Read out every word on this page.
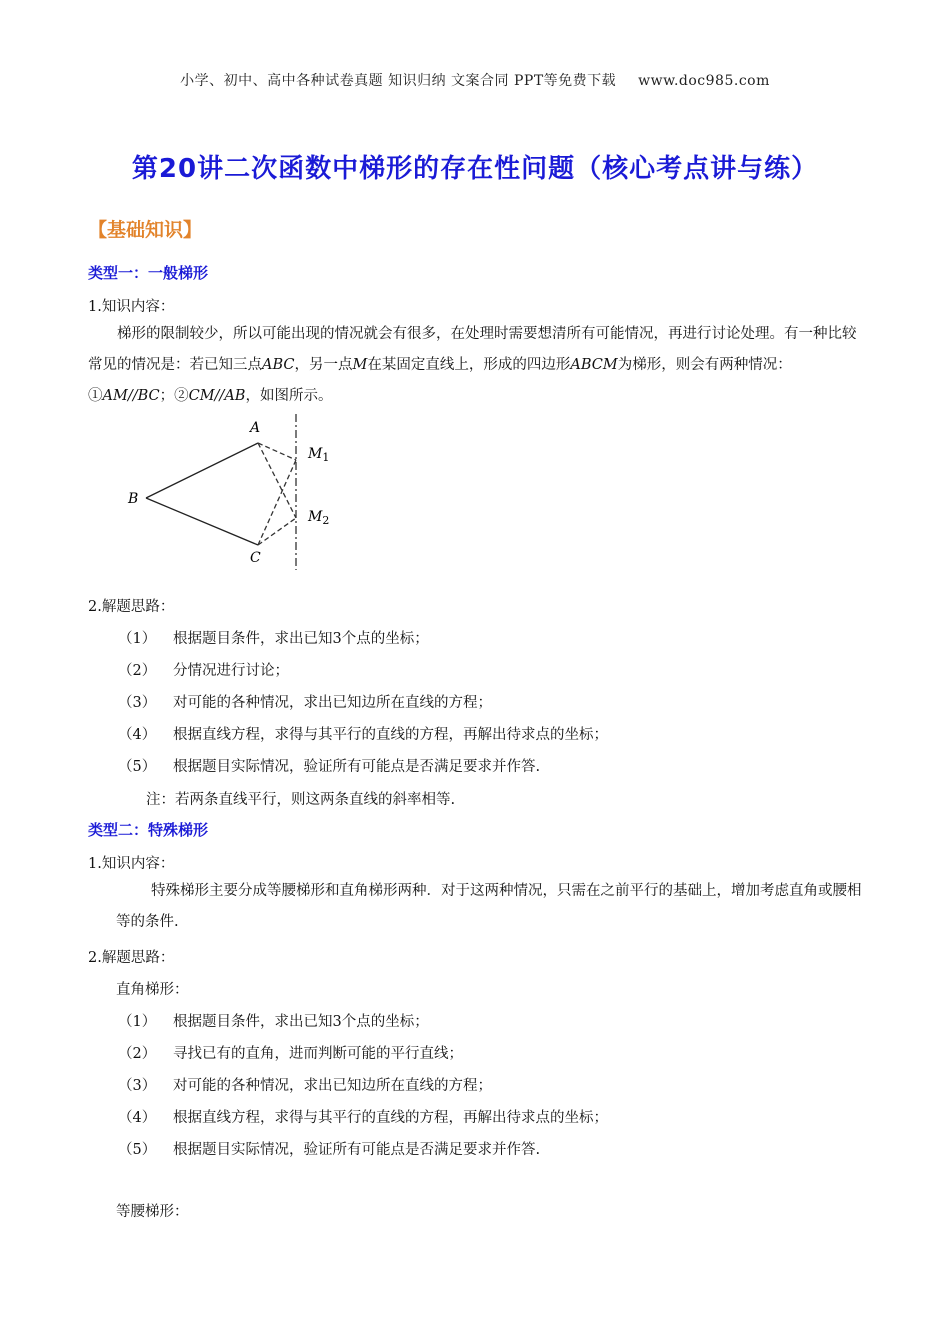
小学、初中、高中各种试卷真题 知识归纳 文案合同 PPT等免费下载 www.doc985.com
第20讲二次函数中梯形的存在性问题（核心考点讲与练）
【基础知识】
类型一：一般梯形
1.知识内容：
梯形的限制较少，所以可能出现的情况就会有很多，在处理时需要想清所有可能情况，再进行讨论处理。有一种比较常见的情况是：若已知三点ABC，另一点M在某固定直线上，形成的四边形ABCM为梯形，则会有两种情况：①AM//BC；②CM//AB，如图所示。
A
B
C
$M_1$
$M_2$
2.解题思路：
（1） 根据题目条件，求出已知3个点的坐标；
（2） 分情况进行讨论；
（3） 对可能的各种情况，求出已知边所在直线的方程；
（4） 根据直线方程，求得与其平行的直线的方程，再解出待求点的坐标；
（5） 根据题目实际情况，验证所有可能点是否满足要求并作答.
注：若两条直线平行，则这两条直线的斜率相等.
类型二：特殊梯形
1.知识内容：
特殊梯形主要分成等腰梯形和直角梯形两种．对于这两种情况，只需在之前平行的基础上，增加考虑直角或腰相等的条件.
2.解题思路：
直角梯形：
（1） 根据题目条件，求出已知3个点的坐标；
（2） 寻找已有的直角，进而判断可能的平行直线；
（3） 对可能的各种情况，求出已知边所在直线的方程；
（4） 根据直线方程，求得与其平行的直线的方程，再解出待求点的坐标；
（5） 根据题目实际情况，验证所有可能点是否满足要求并作答.
等腰梯形：
